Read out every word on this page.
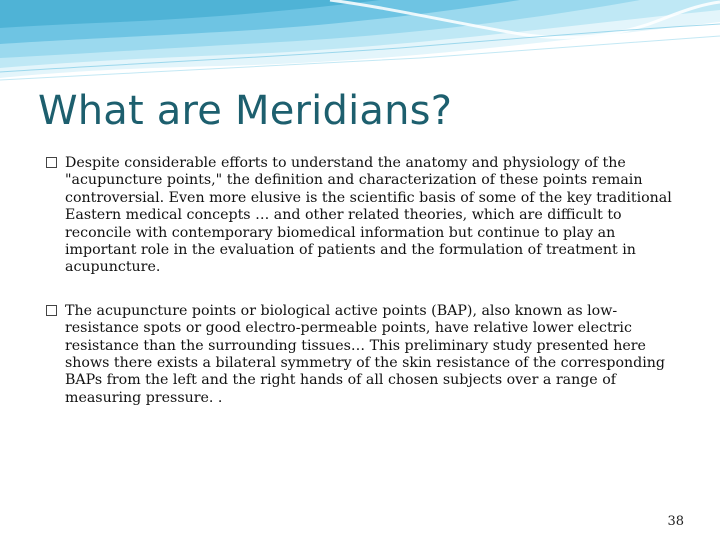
What are Meridians?
Despite considerable efforts to understand the anatomy and physiology of the "acupuncture points," the definition and characterization of these points remain controversial. Even more elusive is the scientific basis of some of the key traditional Eastern medical concepts … and other related theories, which are difficult to reconcile with contemporary biomedical information but continue to play an important role in the evaluation of patients and the formulation of treatment in acupuncture.
The acupuncture points or biological active points (BAP), also known as low-resistance spots or good electro-permeable points, have relative lower electric resistance than the surrounding tissues… This preliminary study presented here shows there exists a bilateral symmetry of the skin resistance of the corresponding BAPs from the left and the right hands of all chosen subjects over a range of measuring pressure. .
38
